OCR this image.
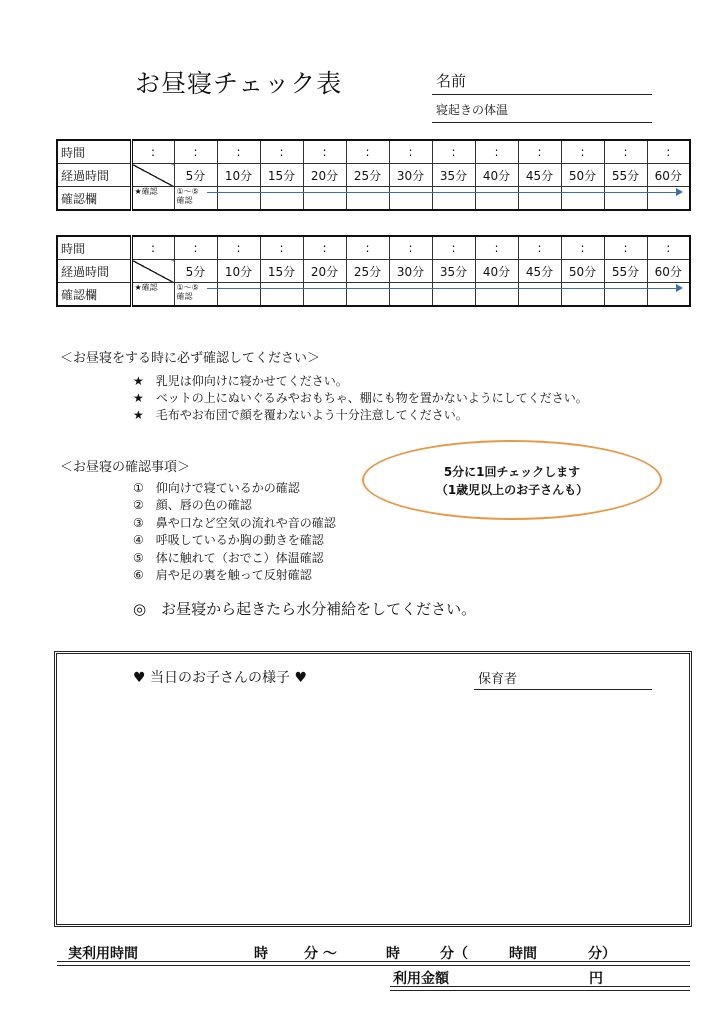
お昼寝チェック表	名前
寝起きの体温
時間	:	:	:	:	:	:	:	:	:	:	:	:	:
経過時間		5分	10分	15分	20分	25分	30分	35分	40分	45分	50分	55分	60分
確認欄	★確認	①〜⑤
確認

時間	:	:	:	:	:	:	:	:	:	:	:	:	:
経過時間		5分	10分	15分	20分	25分	30分	35分	40分	45分	50分	55分	60分
確認欄	★確認	①〜⑤
確認

＜お昼寝をする時に必ず確認してください＞
★　乳児は仰向けに寝かせてください。
★　ベットの上にぬいぐるみやおもちゃ、棚にも物を置かないようにしてください。
★　毛布やお布団で顔を覆わないよう十分注意してください。
＜お昼寝の確認事項＞
①　仰向けで寝ているかの確認
②　顔、唇の色の確認
③　鼻や口など空気の流れや音の確認
④　呼吸しているか胸の動きを確認
⑤　体に触れて（おでこ）体温確認
⑥　肩や足の裏を触って反射確認
5分に1回チェックします
（1歳児以上のお子さんも）
◎　お昼寝から起きたら水分補給をしてください。
♥ 当日のお子さんの様子 ♥	保育者
実利用時間	時	分 ～	時	分（	時間	分）
利用金額	円
